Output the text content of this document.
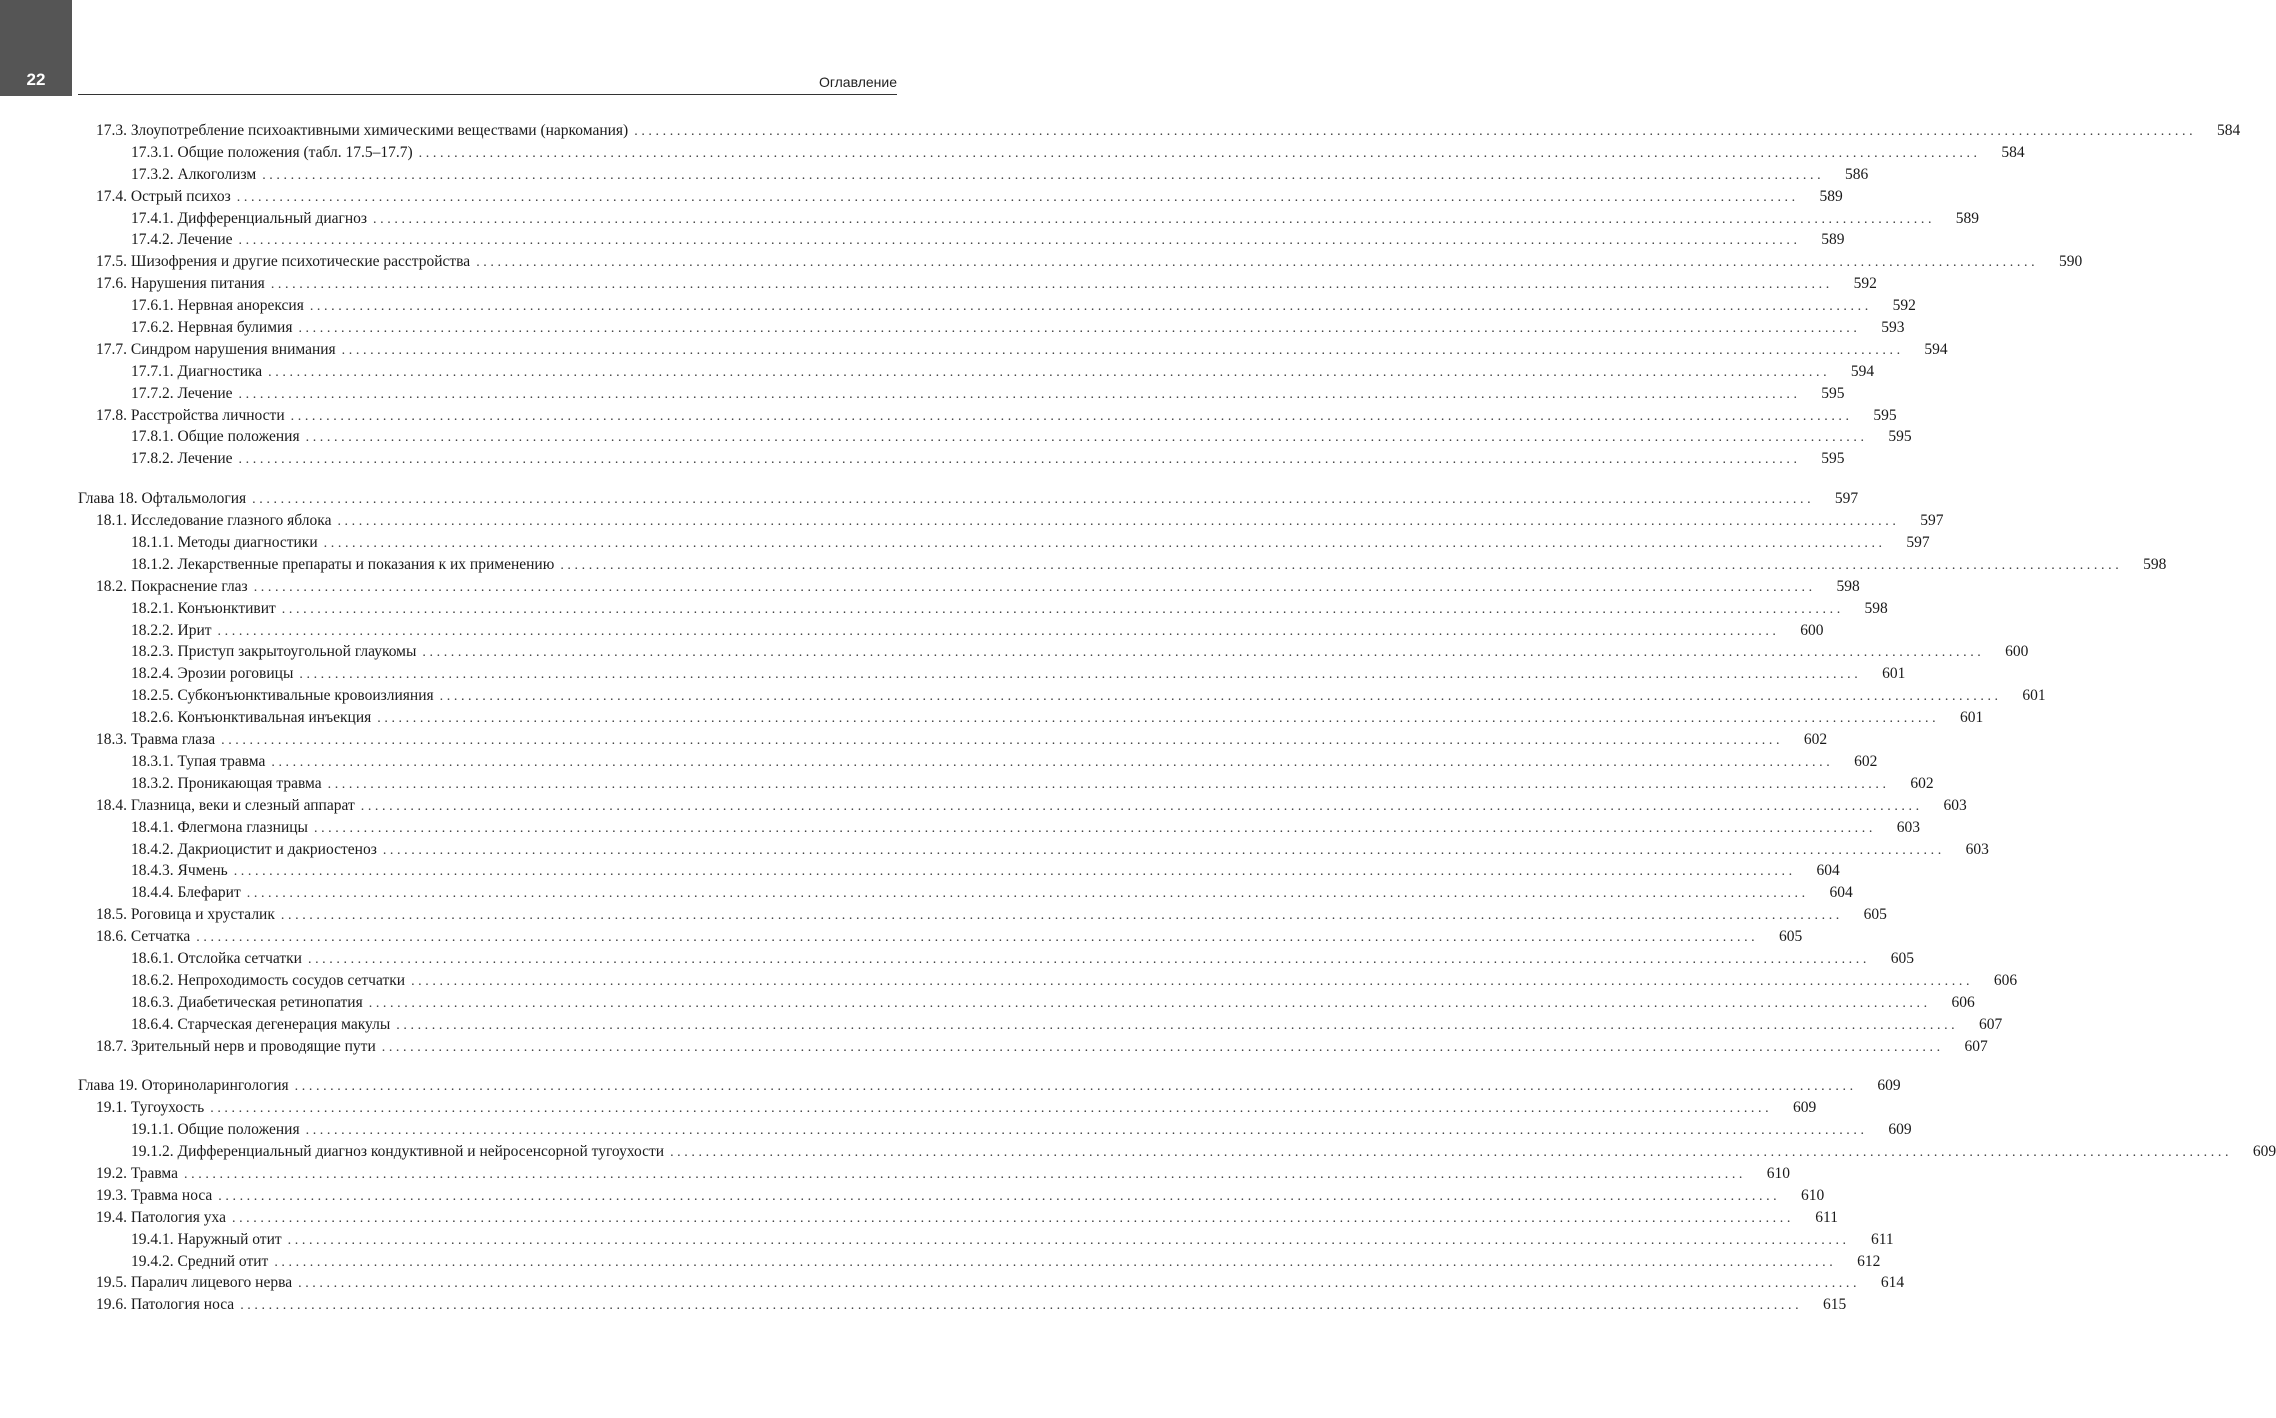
22	Оглавление
17.3. Злоупотребление психоактивными химическими веществами (наркомания) ............................................................................................................................................................................................................................	584
17.3.1. Общие положения (табл. 17.5–17.7) ............................................................................................................................................................................................................................	584
17.3.2. Алкоголизм ............................................................................................................................................................................................................................	586
17.4. Острый психоз ............................................................................................................................................................................................................................	589
17.4.1. Дифференциальный диагноз ............................................................................................................................................................................................................................	589
17.4.2. Лечение ............................................................................................................................................................................................................................	589
17.5. Шизофрения и другие психотические расстройства ............................................................................................................................................................................................................................	590
17.6. Нарушения питания ............................................................................................................................................................................................................................	592
17.6.1. Нервная анорексия ............................................................................................................................................................................................................................	592
17.6.2. Нервная булимия ............................................................................................................................................................................................................................	593
17.7. Синдром нарушения внимания ............................................................................................................................................................................................................................	594
17.7.1. Диагностика ............................................................................................................................................................................................................................	594
17.7.2. Лечение ............................................................................................................................................................................................................................	595
17.8. Расстройства личности ............................................................................................................................................................................................................................	595
17.8.1. Общие положения ............................................................................................................................................................................................................................	595
17.8.2. Лечение ............................................................................................................................................................................................................................	595
Глава 18. Офтальмология ............................................................................................................................................................................................................................	597
18.1. Исследование глазного яблока ............................................................................................................................................................................................................................	597
18.1.1. Методы диагностики ............................................................................................................................................................................................................................	597
18.1.2. Лекарственные препараты и показания к их применению ............................................................................................................................................................................................................................	598
18.2. Покраснение глаз ............................................................................................................................................................................................................................	598
18.2.1. Конъюнктивит ............................................................................................................................................................................................................................	598
18.2.2. Ирит ............................................................................................................................................................................................................................	600
18.2.3. Приступ закрытоугольной глаукомы ............................................................................................................................................................................................................................	600
18.2.4. Эрозии роговицы ............................................................................................................................................................................................................................	601
18.2.5. Субконъюнктивальные кровоизлияния ............................................................................................................................................................................................................................	601
18.2.6. Конъюнктивальная инъекция ............................................................................................................................................................................................................................	601
18.3. Травма глаза ............................................................................................................................................................................................................................	602
18.3.1. Тупая травма ............................................................................................................................................................................................................................	602
18.3.2. Проникающая травма ............................................................................................................................................................................................................................	602
18.4. Глазница, веки и слезный аппарат ............................................................................................................................................................................................................................	603
18.4.1. Флегмона глазницы ............................................................................................................................................................................................................................	603
18.4.2. Дакриоцистит и дакриостеноз ............................................................................................................................................................................................................................	603
18.4.3. Ячмень ............................................................................................................................................................................................................................	604
18.4.4. Блефарит ............................................................................................................................................................................................................................	604
18.5. Роговица и хрусталик ............................................................................................................................................................................................................................	605
18.6. Сетчатка ............................................................................................................................................................................................................................	605
18.6.1. Отслойка сетчатки ............................................................................................................................................................................................................................	605
18.6.2. Непроходимость сосудов сетчатки ............................................................................................................................................................................................................................	606
18.6.3. Диабетическая ретинопатия ............................................................................................................................................................................................................................	606
18.6.4. Старческая дегенерация макулы ............................................................................................................................................................................................................................	607
18.7. Зрительный нерв и проводящие пути ............................................................................................................................................................................................................................	607
Глава 19. Оториноларингология ............................................................................................................................................................................................................................	609
19.1. Тугоухость ............................................................................................................................................................................................................................	609
19.1.1. Общие положения ............................................................................................................................................................................................................................	609
19.1.2. Дифференциальный диагноз кондуктивной и нейросенсорной тугоухости ............................................................................................................................................................................................................................	609
19.2. Травма ............................................................................................................................................................................................................................	610
19.3. Травма носа ............................................................................................................................................................................................................................	610
19.4. Патология уха ............................................................................................................................................................................................................................	611
19.4.1. Наружный отит ............................................................................................................................................................................................................................	611
19.4.2. Средний отит ............................................................................................................................................................................................................................	612
19.5. Паралич лицевого нерва ............................................................................................................................................................................................................................	614
19.6. Патология носа ............................................................................................................................................................................................................................	615
